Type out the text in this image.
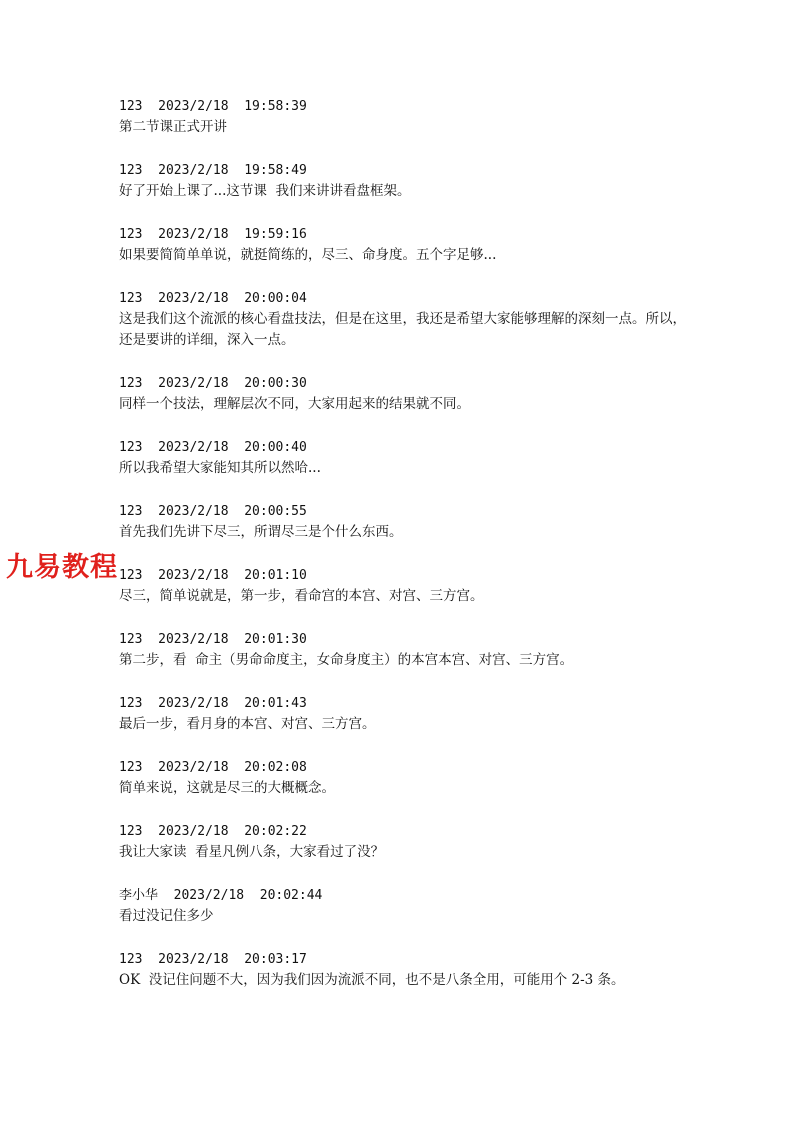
九易教程
123  2023/2/18  19:58:39
第二节课正式开讲
123  2023/2/18  19:58:49
好了开始上课了...这节课  我们来讲讲看盘框架。
123  2023/2/18  19:59:16
如果要简简单单说，就挺简练的，尽三、命身度。五个字足够...
123  2023/2/18  20:00:04
这是我们这个流派的核心看盘技法，但是在这里，我还是希望大家能够理解的深刻一点。所以，还是要讲的详细，深入一点。
123  2023/2/18  20:00:30
同样一个技法，理解层次不同，大家用起来的结果就不同。
123  2023/2/18  20:00:40
所以我希望大家能知其所以然哈...
123  2023/2/18  20:00:55
首先我们先讲下尽三，所谓尽三是个什么东西。
123  2023/2/18  20:01:10
尽三，简单说就是，第一步，看命宫的本宫、对宫、三方宫。
123  2023/2/18  20:01:30
第二步，看  命主（男命命度主，女命身度主）的本宫本宫、对宫、三方宫。
123  2023/2/18  20:01:43
最后一步，看月身的本宫、对宫、三方宫。
123  2023/2/18  20:02:08
简单来说，这就是尽三的大概概念。
123  2023/2/18  20:02:22
我让大家读  看星凡例八条，大家看过了没？
李小华  2023/2/18  20:02:44
看过没记住多少
123  2023/2/18  20:03:17
OK  没记住问题不大，因为我们因为流派不同，也不是八条全用，可能用个 2-3 条。
